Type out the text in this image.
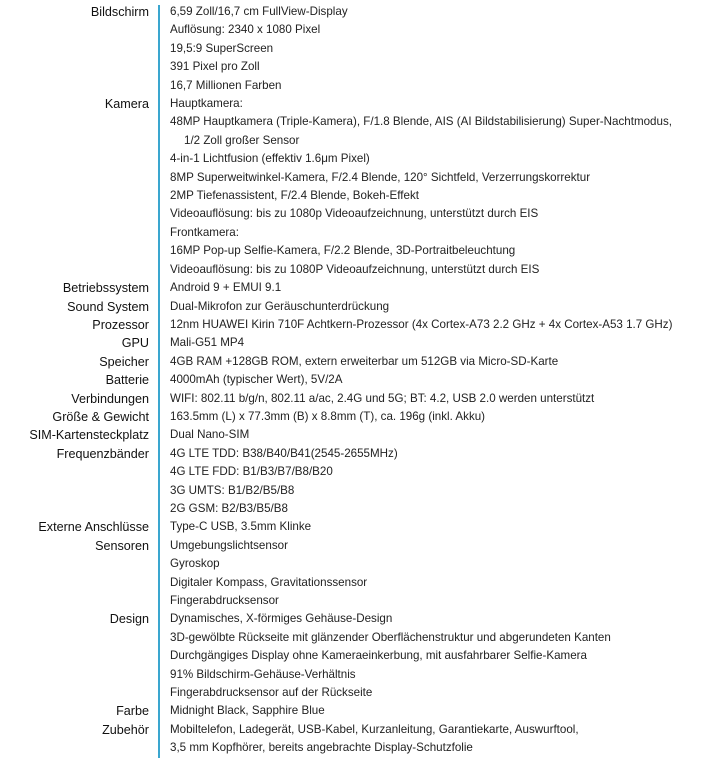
Bildschirm 6,59 Zoll/16,7 cm FullView-Display
Auflösung: 2340 x 1080 Pixel
19,5:9 SuperScreen
391 Pixel pro Zoll
16,7 Millionen Farben
Kamera Hauptkamera:
48MP Hauptkamera (Triple-Kamera), F/1.8 Blende, AIS (AI Bildstabilisierung) Super-Nachtmodus,
1/2 Zoll großer Sensor
4-in-1 Lichtfusion (effektiv 1.6μm Pixel)
8MP Superweitwinkel-Kamera, F/2.4 Blende, 120° Sichtfeld, Verzerrungskorrektur
2MP Tiefenassistent, F/2.4 Blende, Bokeh-Effekt
Videoauflösung: bis zu 1080p Videoaufzeichnung, unterstützt durch EIS
Frontkamera:
16MP Pop-up Selfie-Kamera, F/2.2 Blende, 3D-Portraitbeleuchtung
Videoauflösung: bis zu 1080P Videoaufzeichnung, unterstützt durch EIS
Betriebssystem Android 9 + EMUI 9.1
Sound System Dual-Mikrofon zur Geräuschunterdrückung
Prozessor 12nm HUAWEI Kirin 710F Achtkern-Prozessor (4x Cortex-A73 2.2 GHz + 4x Cortex-A53 1.7 GHz)
GPU Mali-G51 MP4
Speicher 4GB RAM +128GB ROM, extern erweiterbar um 512GB via Micro-SD-Karte
Batterie 4000mAh (typischer Wert), 5V/2A
Verbindungen WIFI: 802.11 b/g/n, 802.11 a/ac, 2.4G und 5G; BT: 4.2, USB 2.0 werden unterstützt
Größe & Gewicht 163.5mm (L) x 77.3mm (B) x 8.8mm (T), ca. 196g (inkl. Akku)
SIM-Kartensteckplatz Dual Nano-SIM
Frequenzbänder 4G LTE TDD: B38/B40/B41(2545-2655MHz)
4G LTE FDD: B1/B3/B7/B8/B20
3G UMTS: B1/B2/B5/B8
2G GSM: B2/B3/B5/B8
Externe Anschlüsse Type-C USB, 3.5mm Klinke
Sensoren Umgebungslichtsensor
Gyroskop
Digitaler Kompass, Gravitationssensor
Fingerabdrucksensor
Design Dynamisches, X-förmiges Gehäuse-Design
3D-gewölbte Rückseite mit glänzender Oberflächenstruktur und abgerundeten Kanten
Durchgängiges Display ohne Kameraeinkerbung, mit ausfahrbarer Selfie-Kamera
91% Bildschirm-Gehäuse-Verhältnis
Fingerabdrucksensor auf der Rückseite
Farbe Midnight Black, Sapphire Blue
Zubehör Mobiltelefon, Ladegerät, USB-Kabel, Kurzanleitung, Garantiekarte, Auswurftool,
3,5 mm Kopfhörer, bereits angebrachte Display-Schutzfolie
